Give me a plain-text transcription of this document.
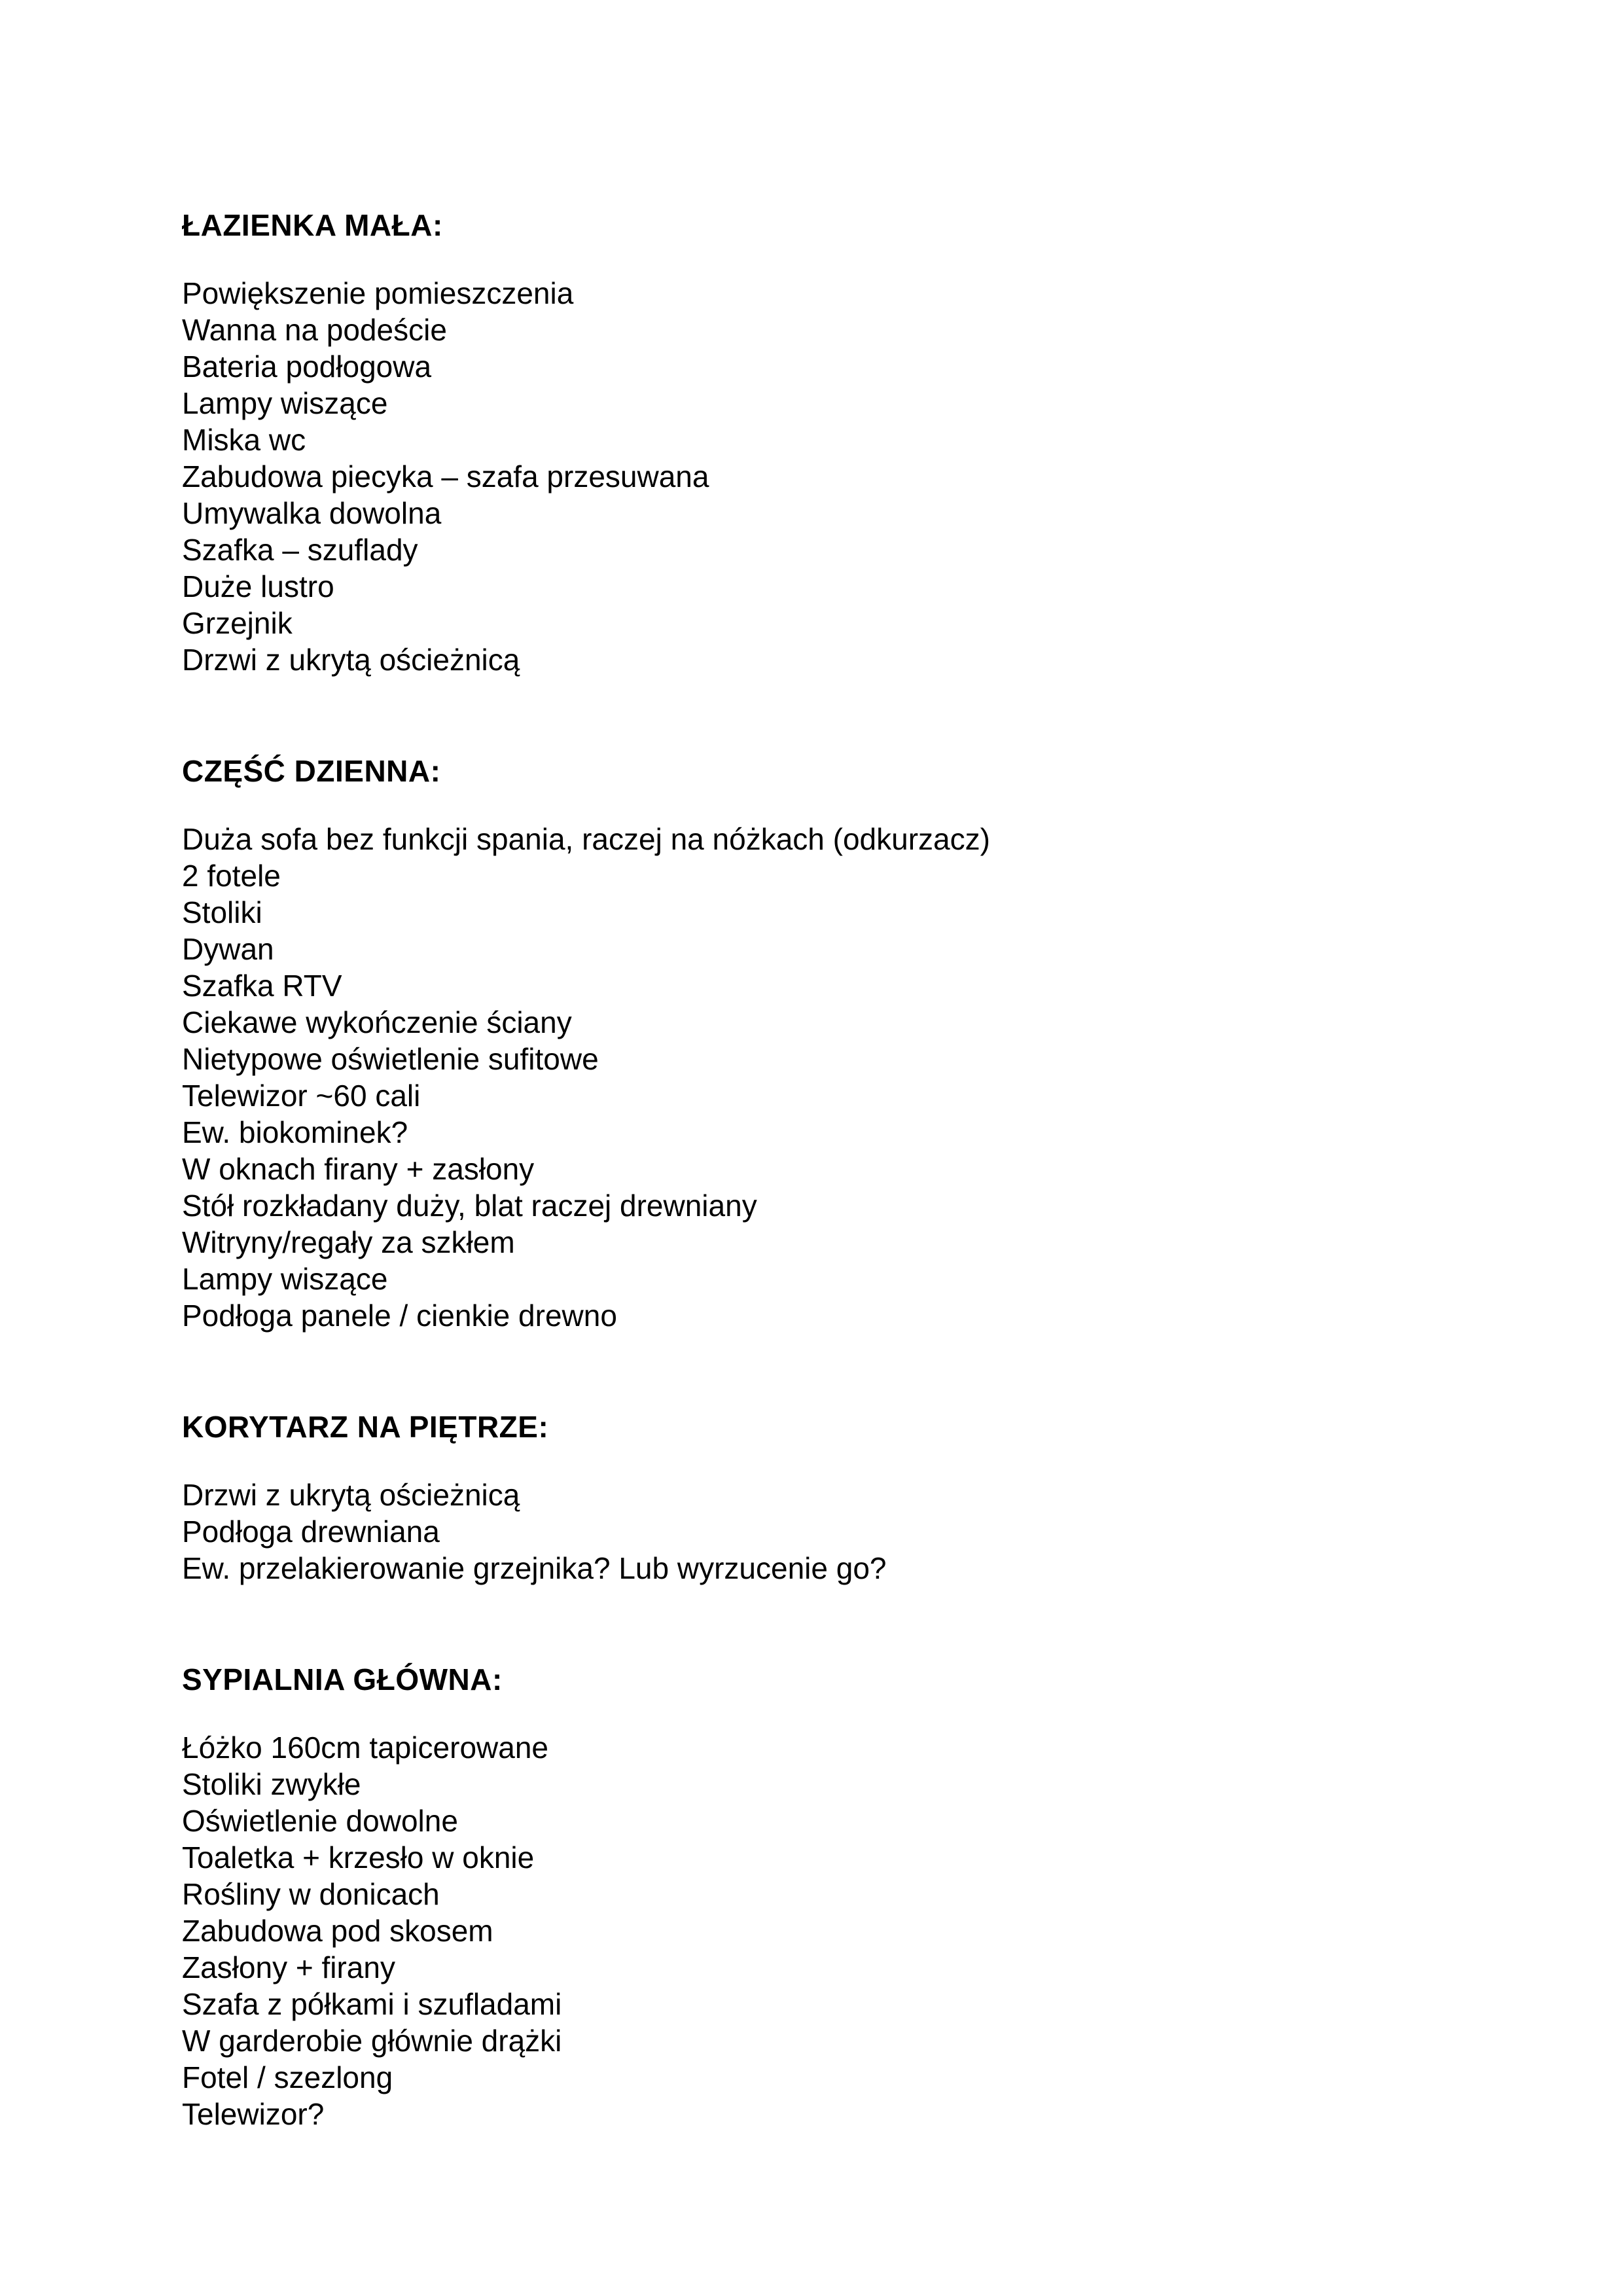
ŁAZIENKA MAŁA:

Powiększenie pomieszczenia

Wanna na podeście

Bateria podłogowa

Lampy wiszące

Miska wc

Zabudowa piecyka – szafa przesuwana

Umywalka dowolna

Szafka – szuflady

Duże lustro

Grzejnik

Drzwi z ukrytą ościeżnicą

CZĘŚĆ DZIENNA:

Duża sofa bez funkcji spania, raczej na nóżkach (odkurzacz)

2 fotele

Stoliki

Dywan

Szafka RTV

Ciekawe wykończenie ściany

Nietypowe oświetlenie sufitowe

Telewizor ~60 cali

Ew. biokominek?

W oknach firany + zasłony

Stół rozkładany duży, blat raczej drewniany

Witryny/regały za szkłem

Lampy wiszące

Podłoga panele / cienkie drewno

KORYTARZ NA PIĘTRZE:

Drzwi z ukrytą ościeżnicą

Podłoga drewniana

Ew. przelakierowanie grzejnika? Lub wyrzucenie go?

SYPIALNIA GŁÓWNA:

Łóżko 160cm tapicerowane

Stoliki zwykłe

Oświetlenie dowolne

Toaletka + krzesło w oknie

Rośliny w donicach

Zabudowa pod skosem

Zasłony + firany

Szafa z półkami i szufladami

W garderobie głównie drążki

Fotel / szezlong

Telewizor?
